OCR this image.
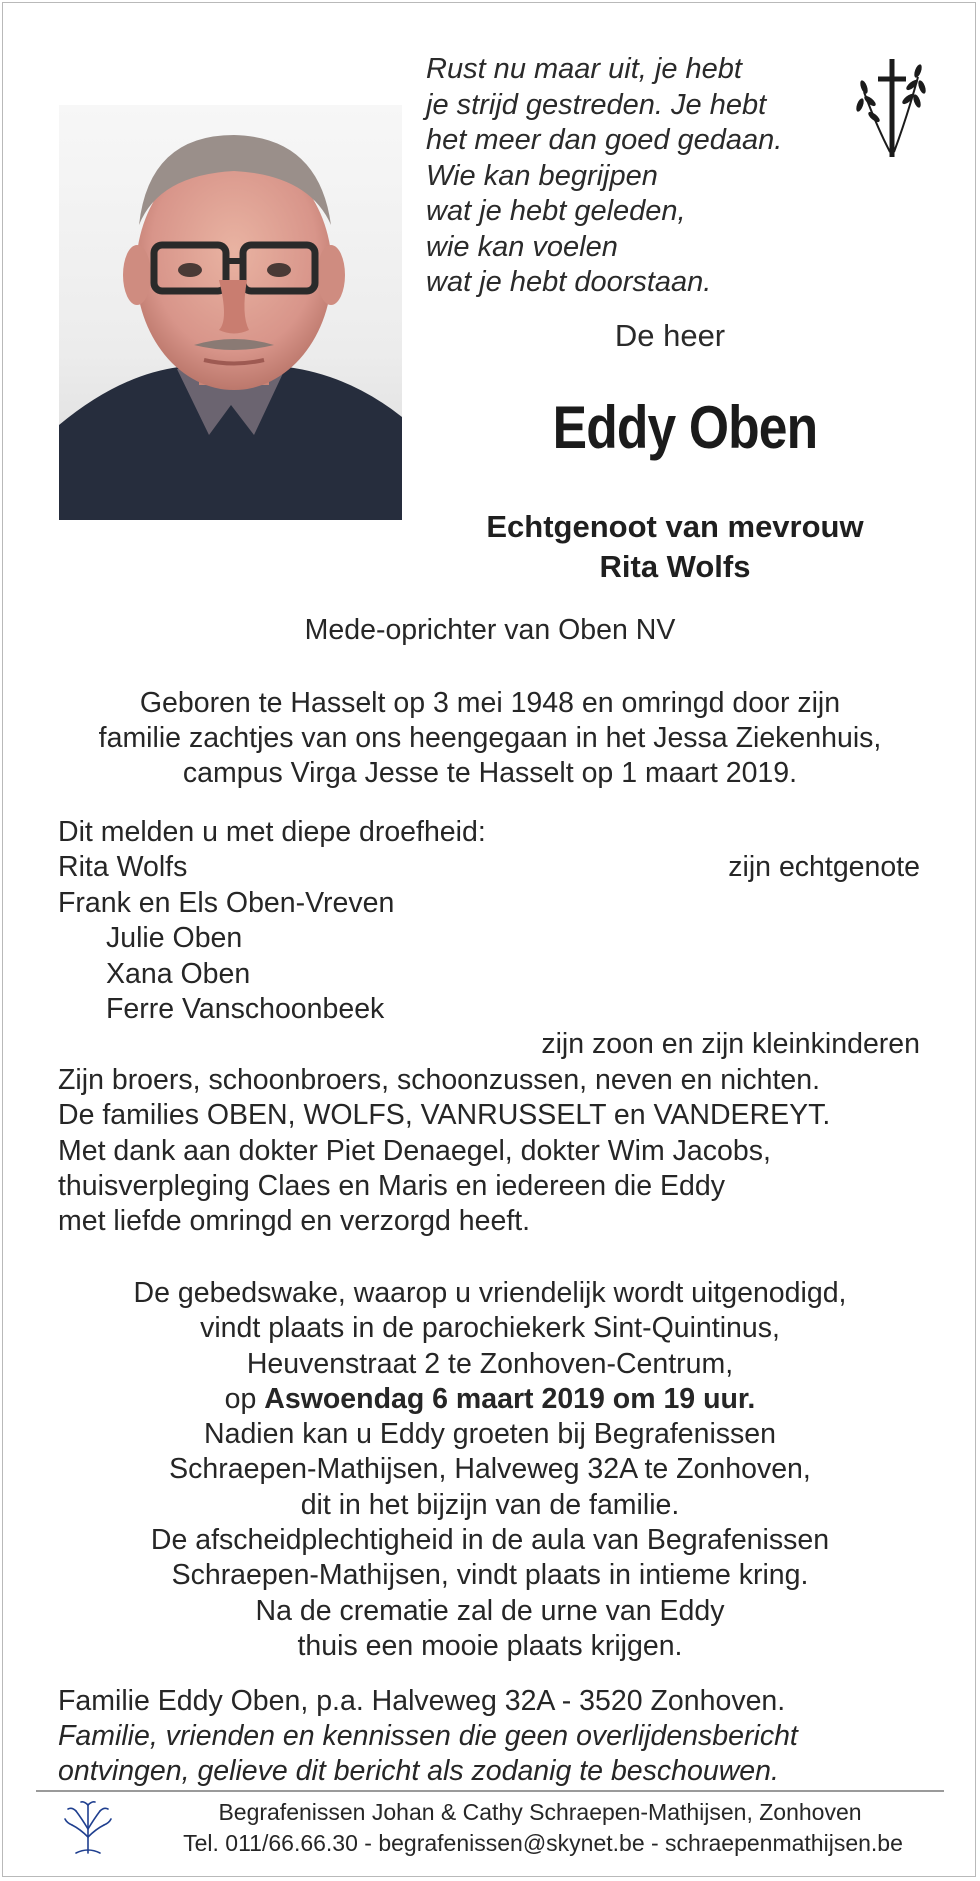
Rust nu maar uit, je hebt
je strijd gestreden. Je hebt
het meer dan goed gedaan.
Wie kan begrijpen
wat je hebt geleden,
wie kan voelen
wat je hebt doorstaan.
De heer
Eddy Oben
Echtgenoot van mevrouw
Rita Wolfs
Mede-oprichter van Oben NV
Geboren te Hasselt op 3 mei 1948 en omringd door zijn
familie zachtjes van ons heengegaan in het Jessa Ziekenhuis,
campus Virga Jesse te Hasselt op 1 maart 2019.
Dit melden u met diepe droefheid:
Rita Wolfs	zijn echtgenote
Frank en Els Oben-Vreven
Julie Oben
Xana Oben
Ferre Vanschoonbeek
zijn zoon en zijn kleinkinderen
Zijn broers, schoonbroers, schoonzussen, neven en nichten.
De families OBEN, WOLFS, VANRUSSELT en VANDEREYT.
Met dank aan dokter Piet Denaegel, dokter Wim Jacobs,
thuisverpleging Claes en Maris en iedereen die Eddy
met liefde omringd en verzorgd heeft.
De gebedswake, waarop u vriendelijk wordt uitgenodigd,
vindt plaats in de parochiekerk Sint-Quintinus,
Heuvenstraat 2 te Zonhoven-Centrum,
op Aswoendag 6 maart 2019 om 19 uur.
Nadien kan u Eddy groeten bij Begrafenissen
Schraepen-Mathijsen, Halveweg 32A te Zonhoven,
dit in het bijzijn van de familie.
De afscheidplechtigheid in de aula van Begrafenissen
Schraepen-Mathijsen, vindt plaats in intieme kring.
Na de crematie zal de urne van Eddy
thuis een mooie plaats krijgen.
Familie Eddy Oben, p.a. Halveweg 32A - 3520 Zonhoven.
Familie, vrienden en kennissen die geen overlijdensbericht
ontvingen, gelieve dit bericht als zodanig te beschouwen.
Begrafenissen Johan & Cathy Schraepen-Mathijsen, Zonhoven
Tel. 011/66.66.30 - begrafenissen@skynet.be - schraepenmathijsen.be
